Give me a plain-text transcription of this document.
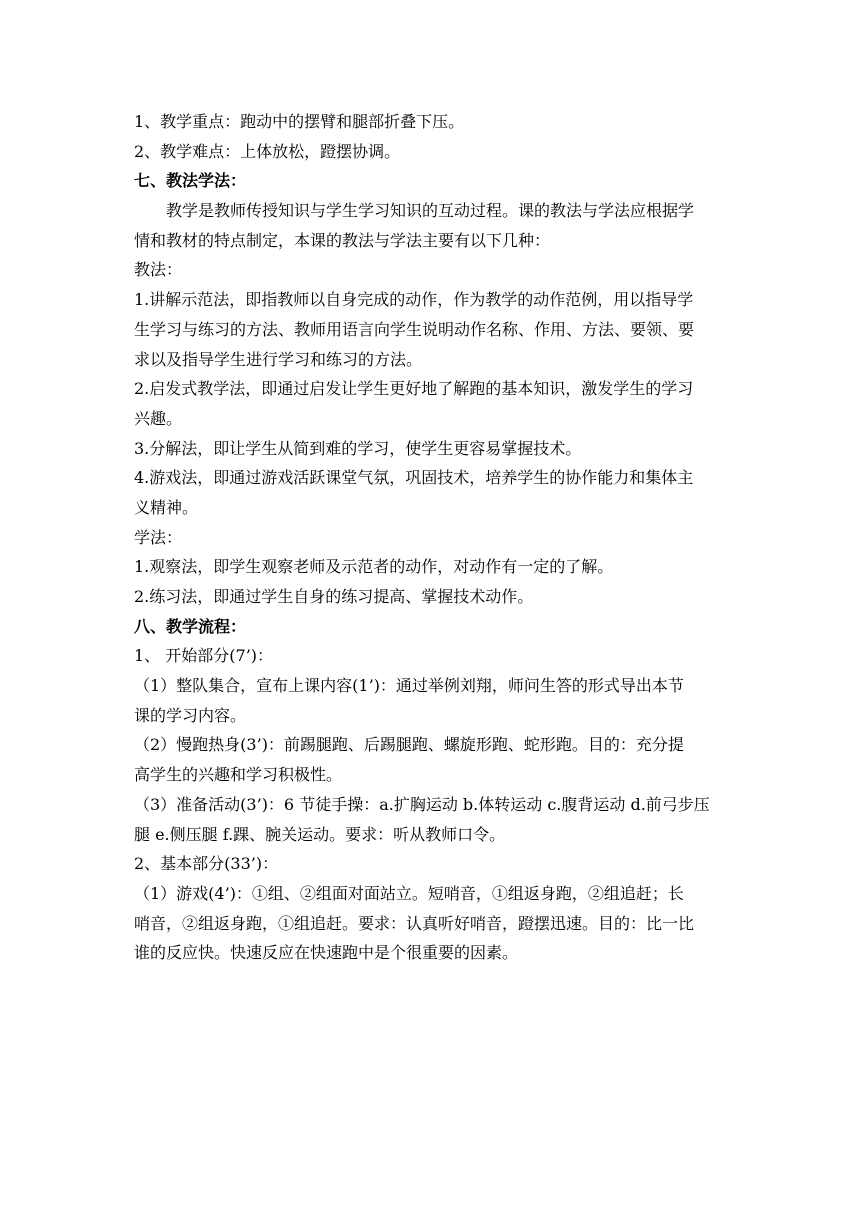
1、教学重点：跑动中的摆臂和腿部折叠下压。
2、教学难点：上体放松，蹬摆协调。
七、教法学法：
教学是教师传授知识与学生学习知识的互动过程。课的教法与学法应根据学
情和教材的特点制定，本课的教法与学法主要有以下几种：
教法：
1.讲解示范法，即指教师以自身完成的动作，作为教学的动作范例，用以指导学
生学习与练习的方法、教师用语言向学生说明动作名称、作用、方法、要领、要
求以及指导学生进行学习和练习的方法。
2.启发式教学法，即通过启发让学生更好地了解跑的基本知识，激发学生的学习
兴趣。
3.分解法，即让学生从简到难的学习，使学生更容易掌握技术。
4.游戏法，即通过游戏活跃课堂气氛，巩固技术，培养学生的协作能力和集体主
义精神。
学法：
1.观察法，即学生观察老师及示范者的动作，对动作有一定的了解。
2.练习法，即通过学生自身的练习提高、掌握技术动作。
八、教学流程：
1、 开始部分(7’)：
（1）整队集合，宣布上课内容(1’)：通过举例刘翔，师问生答的形式导出本节
课的学习内容。
（2）慢跑热身(3’)：前踢腿跑、后踢腿跑、螺旋形跑、蛇形跑。目的：充分提
高学生的兴趣和学习积极性。
（3）准备活动(3’)：6 节徒手操：a.扩胸运动 b.体转运动 c.腹背运动 d.前弓步压
腿 e.侧压腿 f.踝、腕关运动。要求：听从教师口令。
2、基本部分(33’)：
（1）游戏(4’)：①组、②组面对面站立。短哨音，①组返身跑，②组追赶；长
哨音，②组返身跑，①组追赶。要求：认真听好哨音，蹬摆迅速。目的：比一比
谁的反应快。快速反应在快速跑中是个很重要的因素。
